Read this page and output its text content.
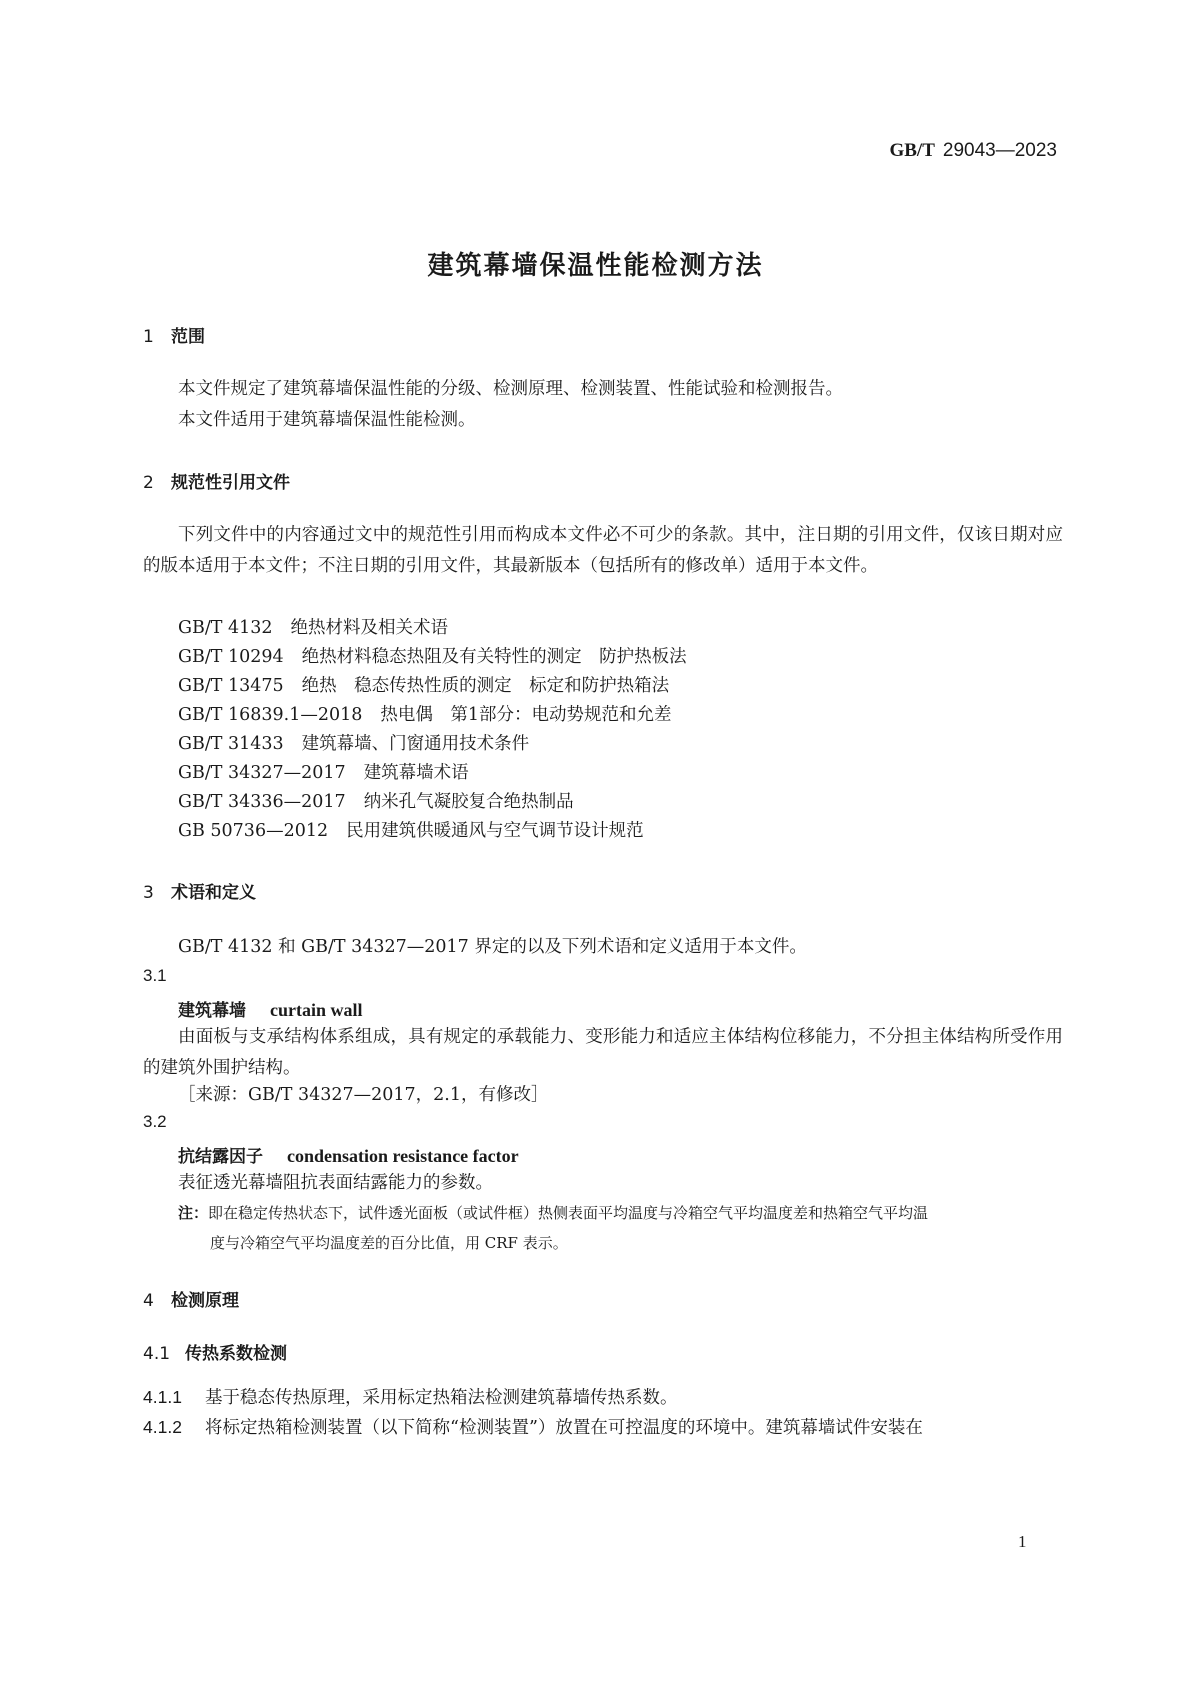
GB/T 29043—2023
建筑幕墙保温性能检测方法
1 范围
本文件规定了建筑幕墙保温性能的分级、检测原理、检测装置、性能试验和检测报告。
本文件适用于建筑幕墙保温性能检测。
2 规范性引用文件
下列文件中的内容通过文中的规范性引用而构成本文件必不可少的条款。其中，注日期的引用文件，仅该日期对应的版本适用于本文件；不注日期的引用文件，其最新版本（包括所有的修改单）适用于本文件。
GB/T 4132 绝热材料及相关术语
GB/T 10294 绝热材料稳态热阻及有关特性的测定　防护热板法
GB/T 13475 绝热　稳态传热性质的测定　标定和防护热箱法
GB/T 16839.1—2018 热电偶　第1部分：电动势规范和允差
GB/T 31433 建筑幕墙、门窗通用技术条件
GB/T 34327—2017 建筑幕墙术语
GB/T 34336—2017 纳米孔气凝胶复合绝热制品
GB 50736—2012 民用建筑供暖通风与空气调节设计规范
3 术语和定义
GB/T 4132 和 GB/T 34327—2017 界定的以及下列术语和定义适用于本文件。
3.1
建筑幕墙 curtain wall
由面板与支承结构体系组成，具有规定的承载能力、变形能力和适应主体结构位移能力，不分担主体结构所受作用的建筑外围护结构。
［来源：GB/T 34327—2017，2.1，有修改］
3.2
抗结露因子 condensation resistance factor
表征透光幕墙阻抗表面结露能力的参数。
注：即在稳定传热状态下，试件透光面板（或试件框）热侧表面平均温度与冷箱空气平均温度差和热箱空气平均温
度与冷箱空气平均温度差的百分比值，用 CRF 表示。
4 检测原理
4.1 传热系数检测
4.1.1 基于稳态传热原理，采用标定热箱法检测建筑幕墙传热系数。
4.1.2 将标定热箱检测装置（以下简称“检测装置”）放置在可控温度的环境中。建筑幕墙试件安装在
1
